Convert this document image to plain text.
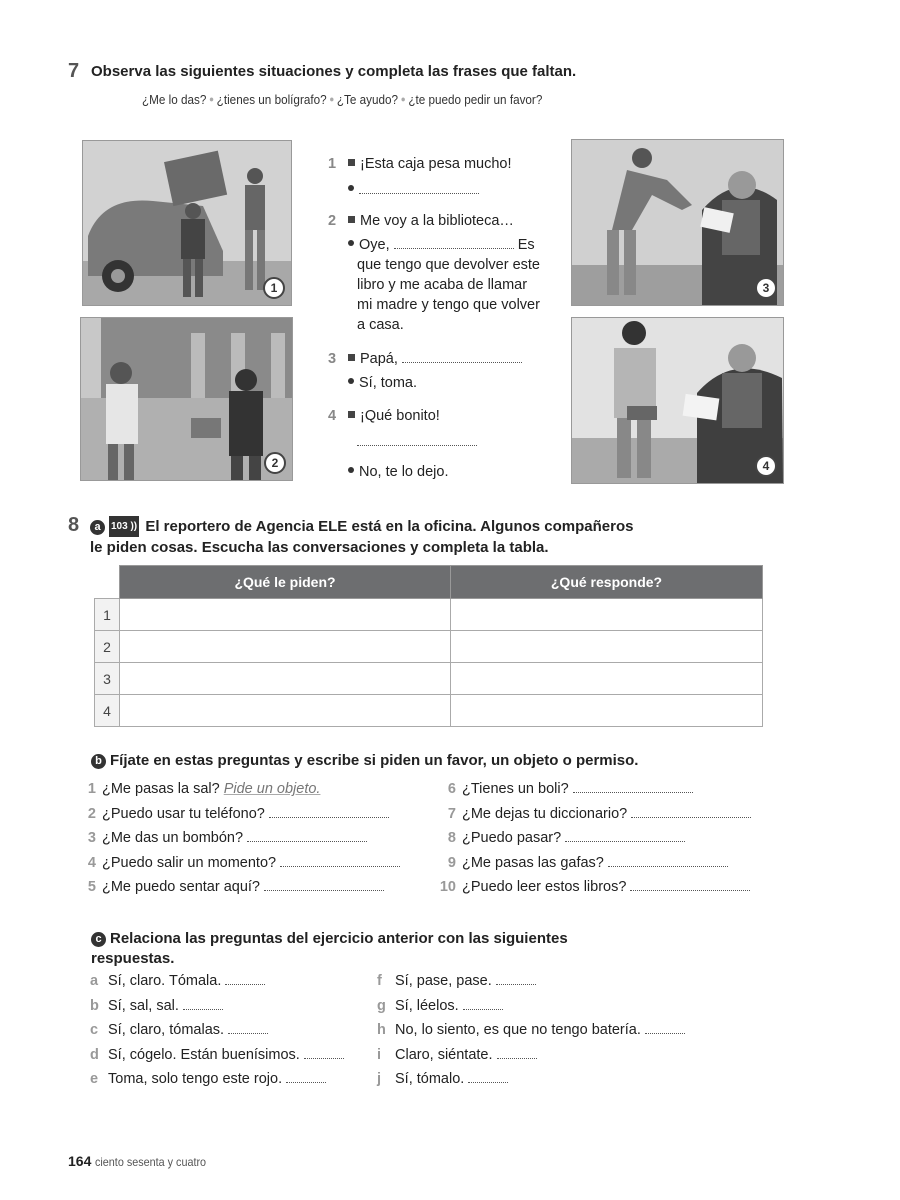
7 Observa las siguientes situaciones y completa las frases que faltan.
¿Me lo das? ● ¿tienes un bolígrafo? ● ¿Te ayudo? ● ¿te puedo pedir un favor?
1
2
3
4
1 ¡Esta caja pesa mucho!
2 Me voy a la biblioteca…
Oye,	Es
que tengo que devolver este
libro y me acaba de llamar
mi madre y tengo que volver
a casa.
3 Papá,
Sí, toma.
4 ¡Qué bonito!
No, te lo dejo.
8	a 103 )) El reportero de Agencia ELE está en la oficina. Algunos compañeros
le piden cosas. Escucha las conversaciones y completa la tabla.
	¿Qué le piden?	¿Qué responde?
1		
2		
3		
4		
b Fíjate en estas preguntas y escribe si piden un favor, un objeto o permiso.
1 ¿Me pasas la sal? Pide un objeto.
2 ¿Puedo usar tu teléfono?
3 ¿Me das un bombón?
4 ¿Puedo salir un momento?
5 ¿Me puedo sentar aquí?
6 ¿Tienes un boli?
7 ¿Me dejas tu diccionario?
8 ¿Puedo pasar?
9 ¿Me pasas las gafas?
10 ¿Puedo leer estos libros?
c Relaciona las preguntas del ejercicio anterior con las siguientes
respuestas.
a Sí, claro. Tómala.
b Sí, sal, sal.
c Sí, claro, tómalas.
d Sí, cógelo. Están buenísimos.
e Toma, solo tengo este rojo.
f Sí, pase, pase.
g Sí, léelos.
h No, lo siento, es que no tengo batería.
i Claro, siéntate.
j Sí, tómalo.
164 ciento sesenta y cuatro
